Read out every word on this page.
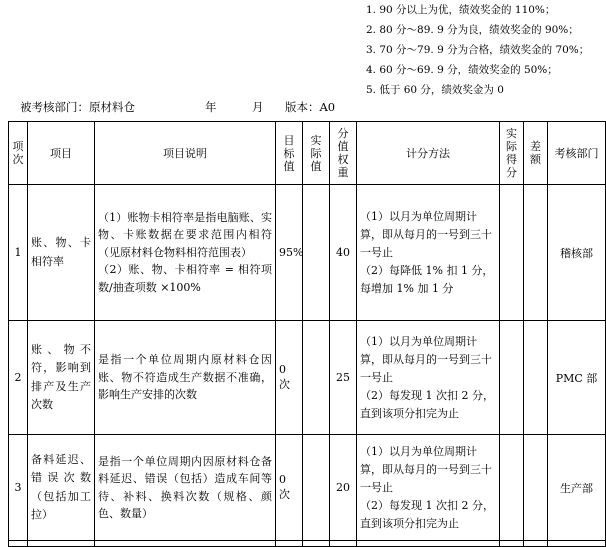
1. 90 分以上为优，绩效奖金的 110%；
2. 80 分～89. 9 分为良，绩效奖金的 90%；
3. 70 分～79. 9 分为合格，绩效奖金的 70%；
4. 60 分～69. 9 分，绩效奖金的 50%；
5. 低于 60 分，绩效奖金为 0
被考核部门：原材料仓	年	月 版本：A0
项次	项目	项目说明	目标值	实际值	分值权重	计分方法	实际得分	差额	考核部门
1	账、物、卡相符率	（1）账物卡相符率是指电脑账、实物、卡账数据在要求范围内相符（见原材料仓物料相符范围表）
（2）账、物、卡相符率 = 相符项数/抽查项数 ×100%	95%		40	（1）以月为单位周期计算，即从每月的一号到三十一号止
（2）每降低 1% 扣 1 分，每增加 1% 加 1 分			稽核部
2	账、物不符，影响到排产及生产次数	是指一个单位周期内原材料仓因账、物不符造成生产数据不准确，影响生产安排的次数	0 次		25	（1）以月为单位周期计算，即从每月的一号到三十一号止
（2）每发现 1 次扣 2 分，直到该项分扣完为止			PMC 部
3	备料延迟、错误次数（包括加工拉）	是指一个单位周期内因原材料仓备料延迟、错误（包括）造成车间等待、补料、换料次数（规格、颜色、数量）	0 次		20	（1）以月为单位周期计算，即从每月的一号到三十一号止
（2）每发现 1 次扣 2 分，直到该项分扣完为止			生产部
